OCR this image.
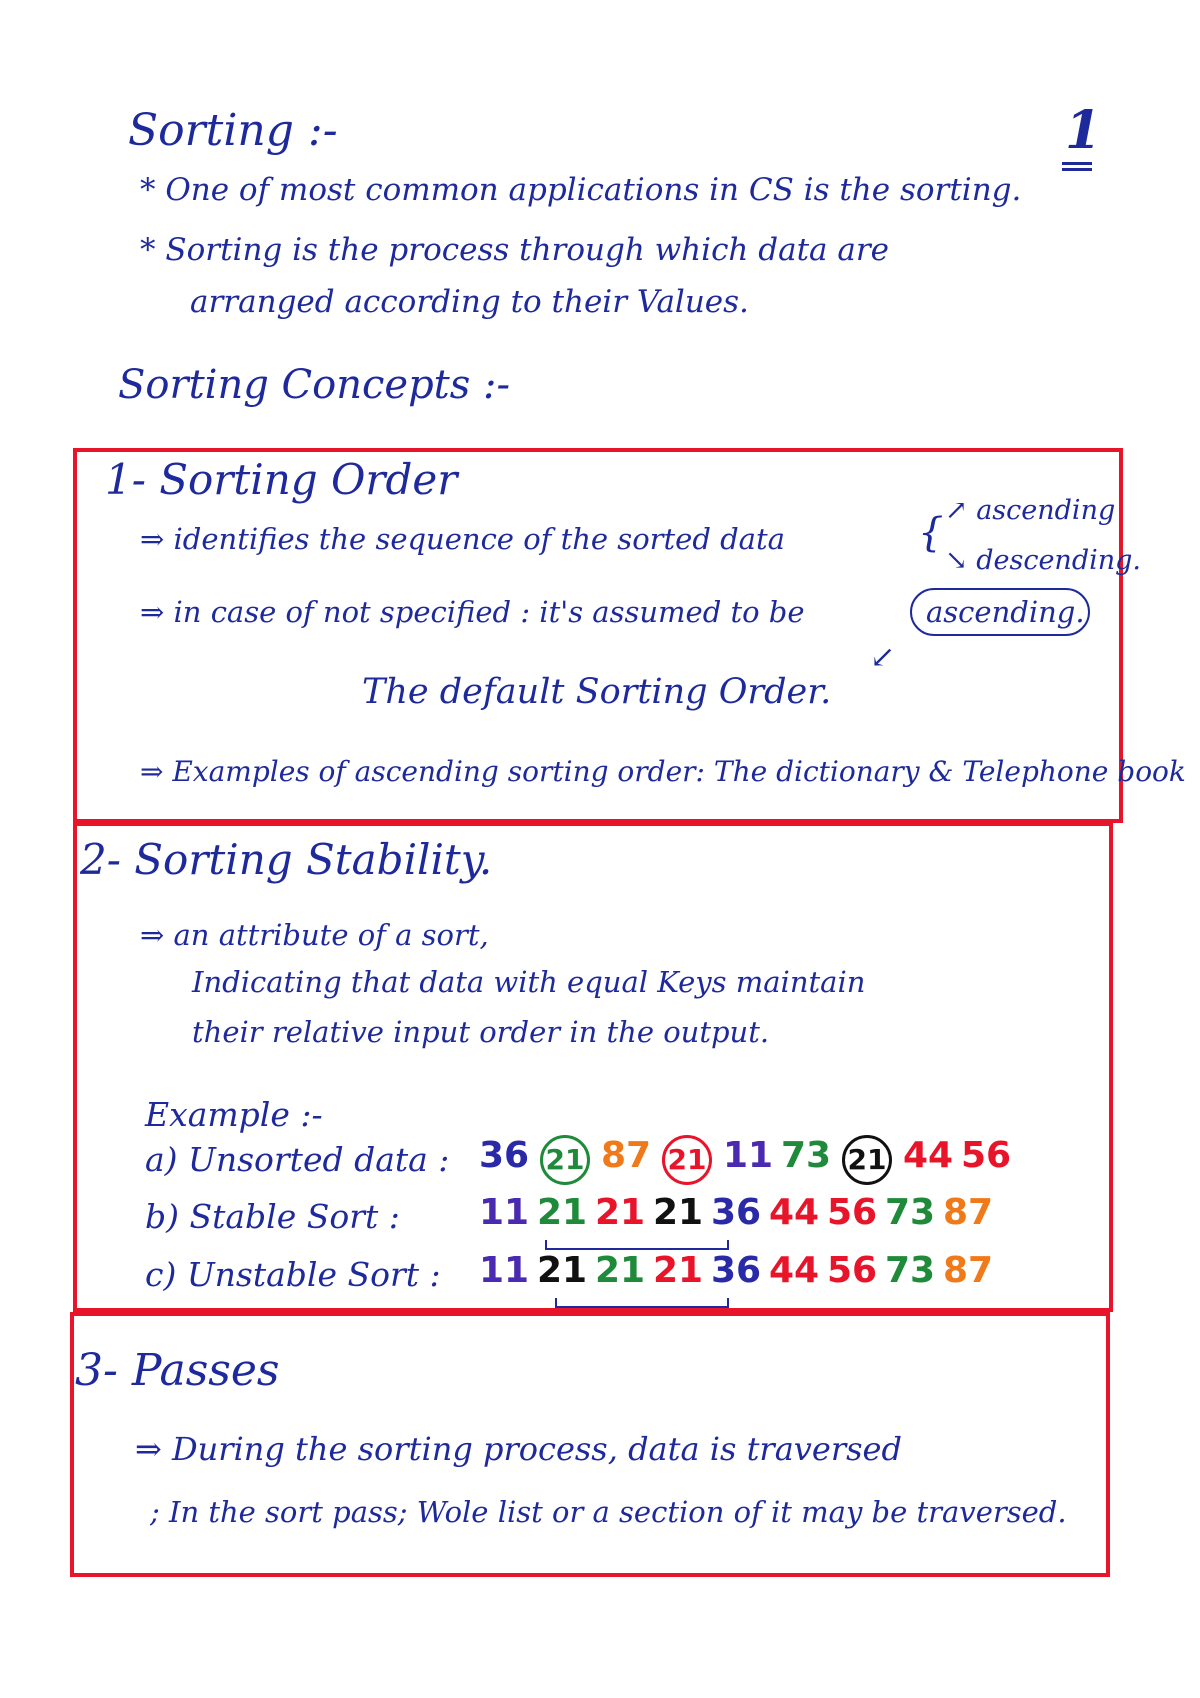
1
Sorting :-
* One of most common applications in CS is the sorting.
* Sorting is the process through which data are
arranged according to their Values.
Sorting Concepts :-
1- Sorting Order
⇒ identifies the sequence of the sorted data	{ ↗ ascending
↘ descending.
⇒ in case of not specified : it's assumed to be	ascending.
↙
The default Sorting Order.
⇒ Examples of ascending sorting order: The dictionary & Telephone book
2- Sorting Stability.
⇒ an attribute of a sort,
Indicating that data with equal Keys maintain
their relative input order in the output.
Example :-
a) Unsorted data :
b) Stable Sort :
c) Unstable Sort :
36 21 87 21 11 73 21 44 56
11 21 21 21 36 44 56 73 87
11 21 21 21 36 44 56 73 87
3- Passes
⇒ During the sorting process, data is traversed
; In the sort pass; Wole list or a section of it may be traversed.
